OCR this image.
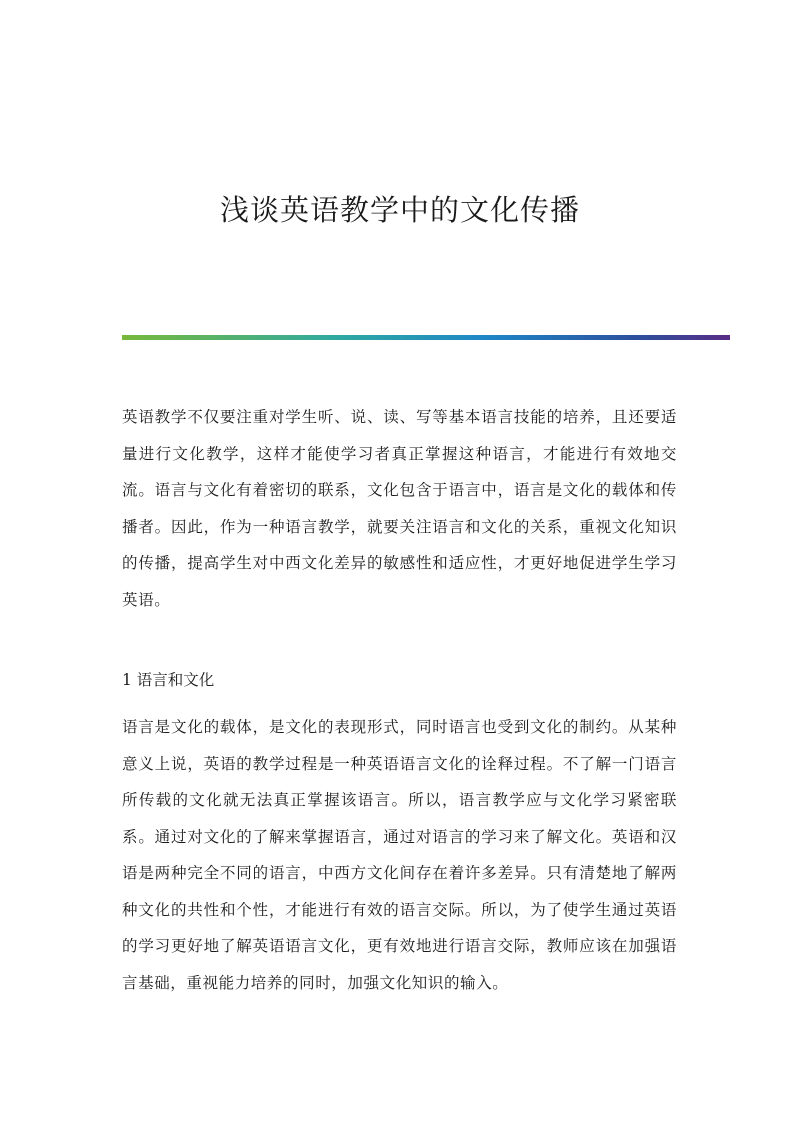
浅谈英语教学中的文化传播

英语教学不仅要注重对学生听、说、读、写等基本语言技能的培养，且还要适量进行文化教学，这样才能使学习者真正掌握这种语言，才能进行有效地交流。语言与文化有着密切的联系，文化包含于语言中，语言是文化的载体和传播者。因此，作为一种语言教学，就要关注语言和文化的关系，重视文化知识的传播，提高学生对中西文化差异的敏感性和适应性，才更好地促进学生学习英语。

1 语言和文化

语言是文化的载体，是文化的表现形式，同时语言也受到文化的制约。从某种意义上说，英语的教学过程是一种英语语言文化的诠释过程。不了解一门语言所传载的文化就无法真正掌握该语言。所以，语言教学应与文化学习紧密联系。通过对文化的了解来掌握语言，通过对语言的学习来了解文化。英语和汉语是两种完全不同的语言，中西方文化间存在着许多差异。只有清楚地了解两种文化的共性和个性，才能进行有效的语言交际。所以，为了使学生通过英语的学习更好地了解英语语言文化，更有效地进行语言交际，教师应该在加强语言基础，重视能力培养的同时，加强文化知识的输入。
